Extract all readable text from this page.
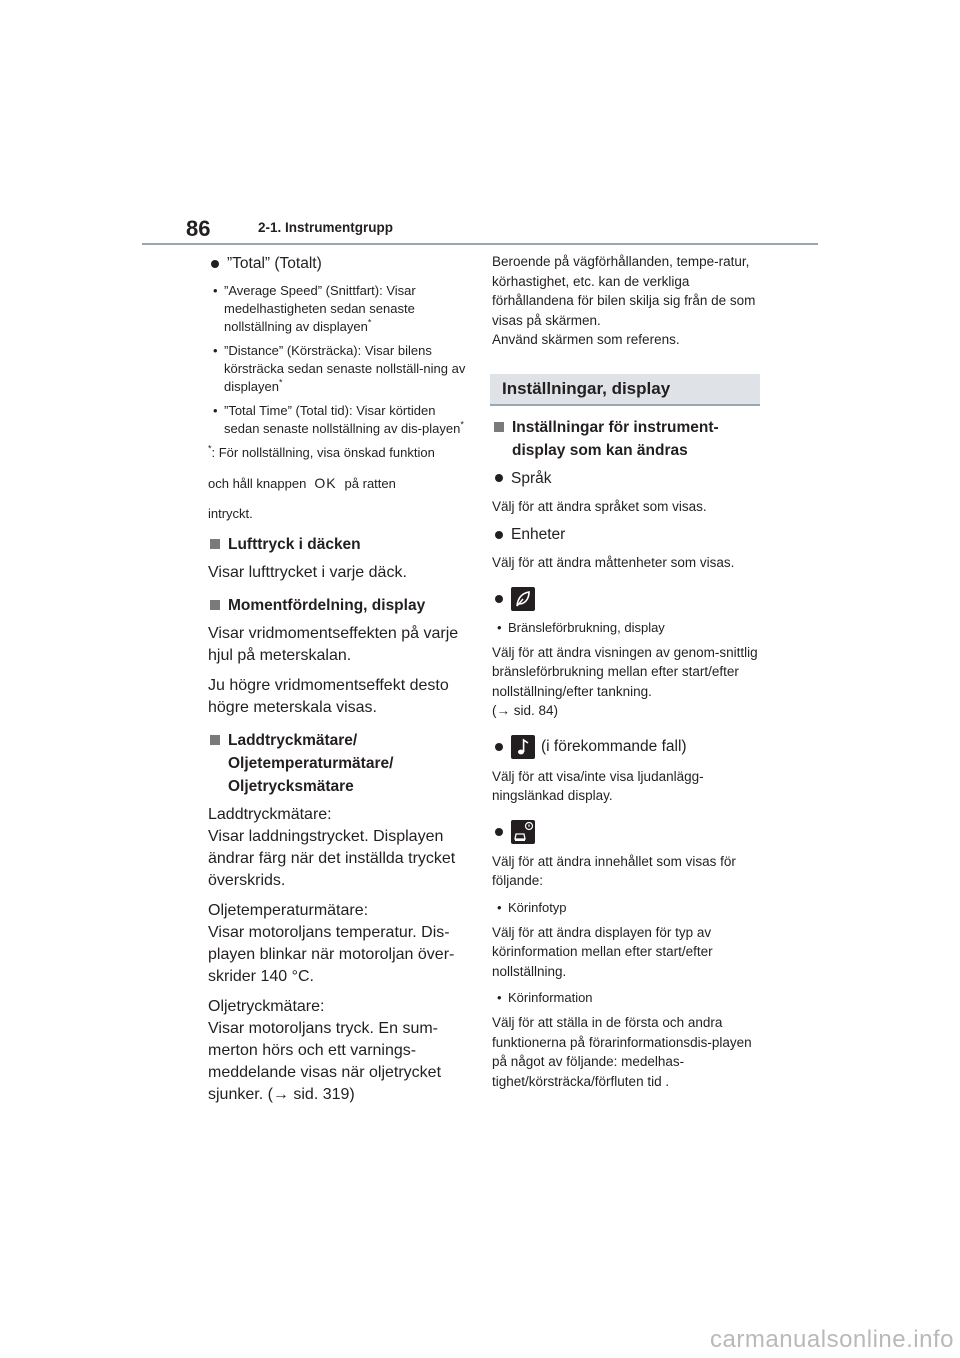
86	2-1. Instrumentgrupp
”Total” (Totalt)
• ”Average Speed” (Snittfart): Visar medelhastigheten sedan senaste nollställning av displayen*
• ”Distance” (Körsträcka): Visar bilens körsträcka sedan senaste nollställ-ning av displayen*
• ”Total Time” (Total tid): Visar körtiden sedan senaste nollställning av dis-playen*

*: För nollställning, visa önskad funktion

och håll knappen OK på ratten

intryckt.

Lufttryck i däcken

Visar lufttrycket i varje däck.

Momentfördelning, display

Visar vridmomentseffekten på varje hjul på meterskalan.

Ju högre vridmomentseffekt desto högre meterskala visas.

Laddtryckmätare/ Oljetemperaturmätare/ Oljetrycksmätare

Laddtryckmätare:
Visar laddningstrycket. Displayen ändrar färg när det inställda trycket överskrids.

Oljetemperaturmätare:
Visar motoroljans temperatur. Dis-playen blinkar när motoroljan över-skrider 140 °C.

Oljetryckmätare:
Visar motoroljans tryck. En sum-merton hörs och ett varnings-meddelande visas när oljetrycket sjunker. (→ sid. 319)

Beroende på vägförhållanden, tempe-ratur, körhastighet, etc. kan de verkliga förhållandena för bilen skilja sig från de som visas på skärmen.

Använd skärmen som referens.

Inställningar, display
Inställningar för instrument-display som kan ändras
Språk

Välj för att ändra språket som visas.

Enheter

Välj för att ändra måttenheter som visas.

• Bränsleförbrukning, display

Välj för att ändra visningen av genom-snittlig bränsleförbrukning mellan efter start/efter nollställning/efter tankning.

(→ sid. 84)

(i förekommande fall)

Välj för att visa/inte visa ljudanlägg-ningslänkad display.

Välj för att ändra innehållet som visas för följande:

• Körinfotyp

Välj för att ändra displayen för typ av körinformation mellan efter start/efter nollställning.

• Körinformation

Välj för att ställa in de första och andra funktionerna på förarinformationsdis-playen på något av följande: medelhas-tighet/körsträcka/förfluten tid .

carmanualsonline.info
